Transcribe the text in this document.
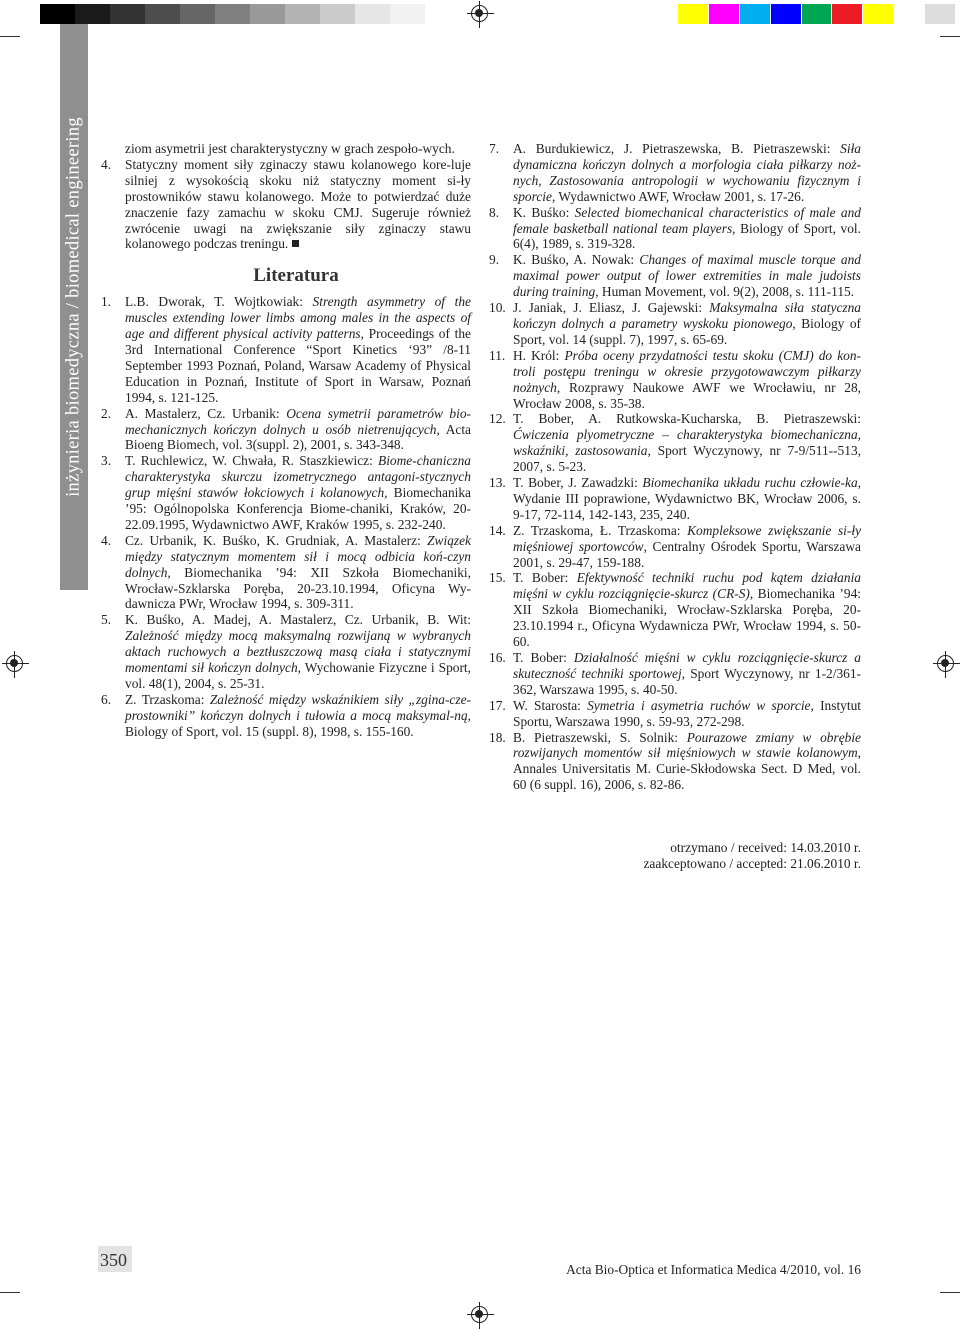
inżynieria biomedyczna / biomedical engineering	ziom asymetrii jest charakterystyczny w grach zespoło-wych.
4.	Statyczny moment siły zginaczy stawu kolanowego kore-luje silniej z wysokością skoku niż statyczny moment si-ły prostowników stawu kolanowego. Może to potwierdzać duże znaczenie fazy zamachu w skoku CMJ. Sugeruje również zwrócenie uwagi na zwiększanie siły zginaczy stawu kolanowego podczas treningu.
Literatura
1.	L.B. Dworak, T. Wojtkowiak: Strength asymmetry of the muscles extending lower limbs among males in the aspects of age and different physical activity patterns, Proceedings of the 3rd International Conference “Sport Kinetics ‘93” /8-11 September 1993 Poznań, Poland, Warsaw Academy of Physical Education in Poznań, Institute of Sport in Warsaw, Poznań 1994, s. 121-125.
2.	A. Mastalerz, Cz. Urbanik: Ocena symetrii parametrów bio-mechanicznych kończyn dolnych u osób nietrenujących, Acta Bioeng Biomech, vol. 3(suppl. 2), 2001, s. 343-348.
3.	T. Ruchlewicz, W. Chwała, R. Staszkiewicz: Biome-chaniczna charakterystyka skurczu izometrycznego antagoni-stycznych grup mięśni stawów łokciowych i kolanowych, Biomechanika ’95: Ogólnopolska Konferencja Biome-chaniki, Kraków, 20-22.09.1995, Wydawnictwo AWF, Kraków 1995, s. 232-240.
4.	Cz. Urbanik, K. Buśko, K. Grudniak, A. Mastalerz: Związek między statycznym momentem sił i mocą odbicia koń-czyn dolnych, Biomechanika ’94: XII Szkoła Biomechaniki, Wrocław-Szklarska Poręba, 20-23.10.1994, Oficyna Wy-dawnicza PWr, Wrocław 1994, s. 309-311.
5.	K. Buśko, A. Madej, A. Mastalerz, Cz. Urbanik, B. Wit: Zależność między mocą maksymalną rozwijaną w wybranych aktach ruchowych a beztłuszczową masą ciała i statycznymi momentami sił kończyn dolnych, Wychowanie Fizyczne i Sport, vol. 48(1), 2004, s. 25-31.
6.	Z. Trzaskoma: Zależność między wskaźnikiem siły „zgina-cze-prostowniki” kończyn dolnych i tułowia a mocą maksymal-ną, Biology of Sport, vol. 15 (suppl. 8), 1998, s. 155-160.
7.	A. Burdukiewicz, J. Pietraszewska, B. Pietraszewski: Siła dynamiczna kończyn dolnych a morfologia ciała piłkarzy noż-nych, Zastosowania antropologii w wychowaniu fizycznym i sporcie, Wydawnictwo AWF, Wrocław 2001, s. 17-26.
8.	K. Buśko: Selected biomechanical characteristics of male and female basketball national team players, Biology of Sport, vol. 6(4), 1989, s. 319-328.
9.	K. Buśko, A. Nowak: Changes of maximal muscle torque and maximal power output of lower extremities in male judoists during training, Human Movement, vol. 9(2), 2008, s. 111-115.
10. J. Janiak, J. Eliasz, J. Gajewski: Maksymalna siła statyczna kończyn dolnych a parametry wyskoku pionowego, Biology of Sport, vol. 14 (suppl. 7), 1997, s. 65-69.
11. H. Król: Próba oceny przydatności testu skoku (CMJ) do kon-troli postępu treningu w okresie przygotowawczym piłkarzy nożnych, Rozprawy Naukowe AWF we Wrocławiu, nr 28, Wrocław 2008, s. 35-38.
12. T. Bober, A. Rutkowska-Kucharska, B. Pietraszewski: Ćwiczenia plyometryczne – charakterystyka biomechaniczna, wskaźniki, zastosowania, Sport Wyczynowy, nr 7-9/511--513, 2007, s. 5-23.
13. T. Bober, J. Zawadzki: Biomechanika układu ruchu człowie-ka, Wydanie III poprawione, Wydawnictwo BK, Wrocław 2006, s. 9-17, 72-114, 142-143, 235, 240.
14. Z. Trzaskoma, Ł. Trzaskoma: Kompleksowe zwiększanie si-ły mięśniowej sportowców, Centralny Ośrodek Sportu, Warszawa 2001, s. 29-47, 159-188.
15. T. Bober: Efektywność techniki ruchu pod kątem działania mięśni w cyklu rozciągnięcie-skurcz (CR-S), Biomechanika ’94: XII Szkoła Biomechaniki, Wrocław-Szklarska Poręba, 20-23.10.1994 r., Oficyna Wydawnicza PWr, Wrocław 1994, s. 50-60.
16. T. Bober: Działalność mięśni w cyklu rozciągnięcie-skurcz a skuteczność techniki sportowej, Sport Wyczynowy, nr 1-2/361-362, Warszawa 1995, s. 40-50.
17. W. Starosta: Symetria i asymetria ruchów w sporcie, Instytut Sportu, Warszawa 1990, s. 59-93, 272-298.
18. B. Pietraszewski, S. Solnik: Pourazowe zmiany w obrębie rozwijanych momentów sił mięśniowych w stawie kolanowym, Annales Universitatis M. Curie-Skłodowska Sect. D Med, vol. 60 (6 suppl. 16), 2006, s. 82-86.
otrzymano / received: 14.03.2010 r.
zaakceptowano / accepted: 21.06.2010 r.
350	Acta Bio-Optica et Informatica Medica 4/2010, vol. 16
